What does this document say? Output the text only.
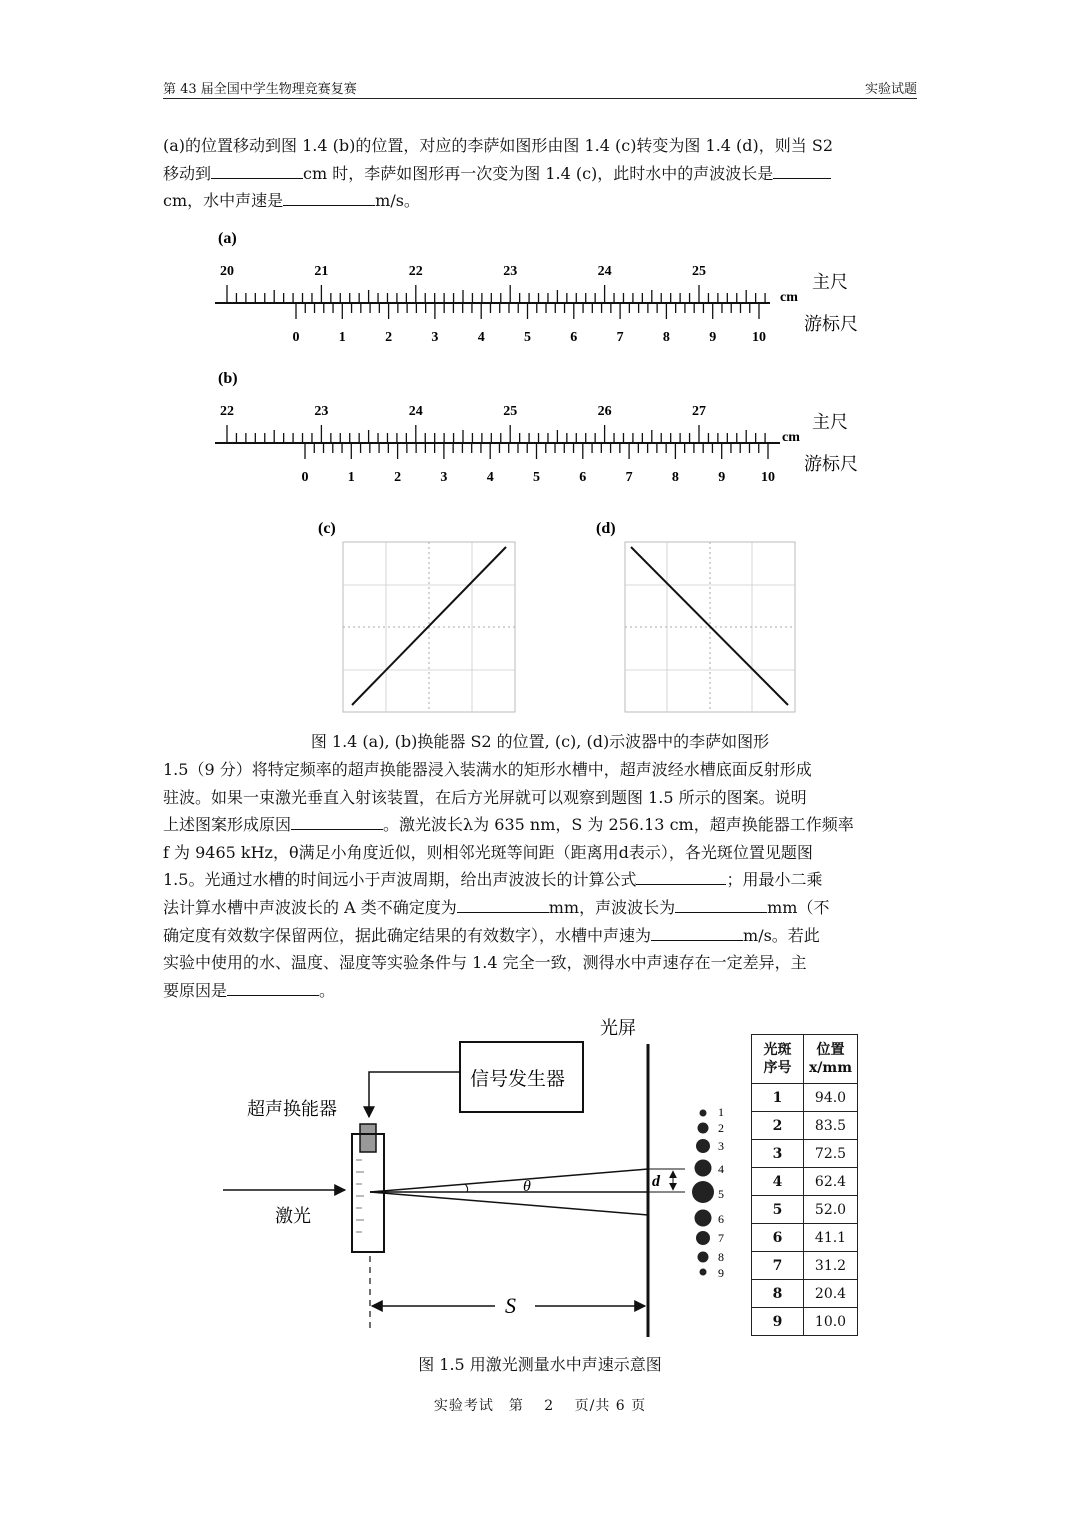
第 43 届全国中学生物理竞赛复赛	实验试题
(a)的位置移动到图 1.4 (b)的位置，对应的李萨如图形由图 1.4 (c)转变为图 1.4 (d)，则当 S2
移动到	cm 时，李萨如图形再一次变为图 1.4 (c)，此时水中的声波波长是
cm，水中声速是	m/s。
(a)
20	21	22	23	24	25
0	1	2	3	4	5	6	7	8	9	10
cm
主尺
游标尺
(b)
22	23	24	25	26	27
0	1	2	3	4	5	6	7	8	9	10
cm
主尺
游标尺
(c)	(d)
图 1.4 (a), (b)换能器 S2 的位置, (c), (d)示波器中的李萨如图形
1.5（9 分）将特定频率的超声换能器浸入装满水的矩形水槽中，超声波经水槽底面反射形成
驻波。如果一束激光垂直入射该装置，在后方光屏就可以观察到题图 1.5 所示的图案。说明
上述图案形成原因	。激光波长λ为 635 nm，S 为 256.13 cm，超声换能器工作频率
f 为 9465 kHz，θ满足小角度近似，则相邻光斑等间距（距离用d表示），各光斑位置见题图
1.5。光通过水槽的时间远小于声波周期，给出声波波长的计算公式	；用最小二乘
法计算水槽中声波波长的 A 类不确定度为	mm，声波波长为	mm（不
确定度有效数字保留两位，据此确定结果的有效数字），水槽中声速为	m/s。若此
实验中使用的水、温度、湿度等实验条件与 1.4 完全一致，测得水中声速存在一定差异，主
要原因是	。
光屏
信号发生器
超声换能器
激光
θ	d
S
1
2
3
4
5
6
7
8
9
光斑
序号	位置
x/mm
1	94.0
2	83.5
3	72.5
4	62.4
5	52.0
6	41.1
7	31.2
8	20.4
9	10.0
图 1.5 用激光测量水中声速示意图
实验考试　第　 2　 页/共 6 页
